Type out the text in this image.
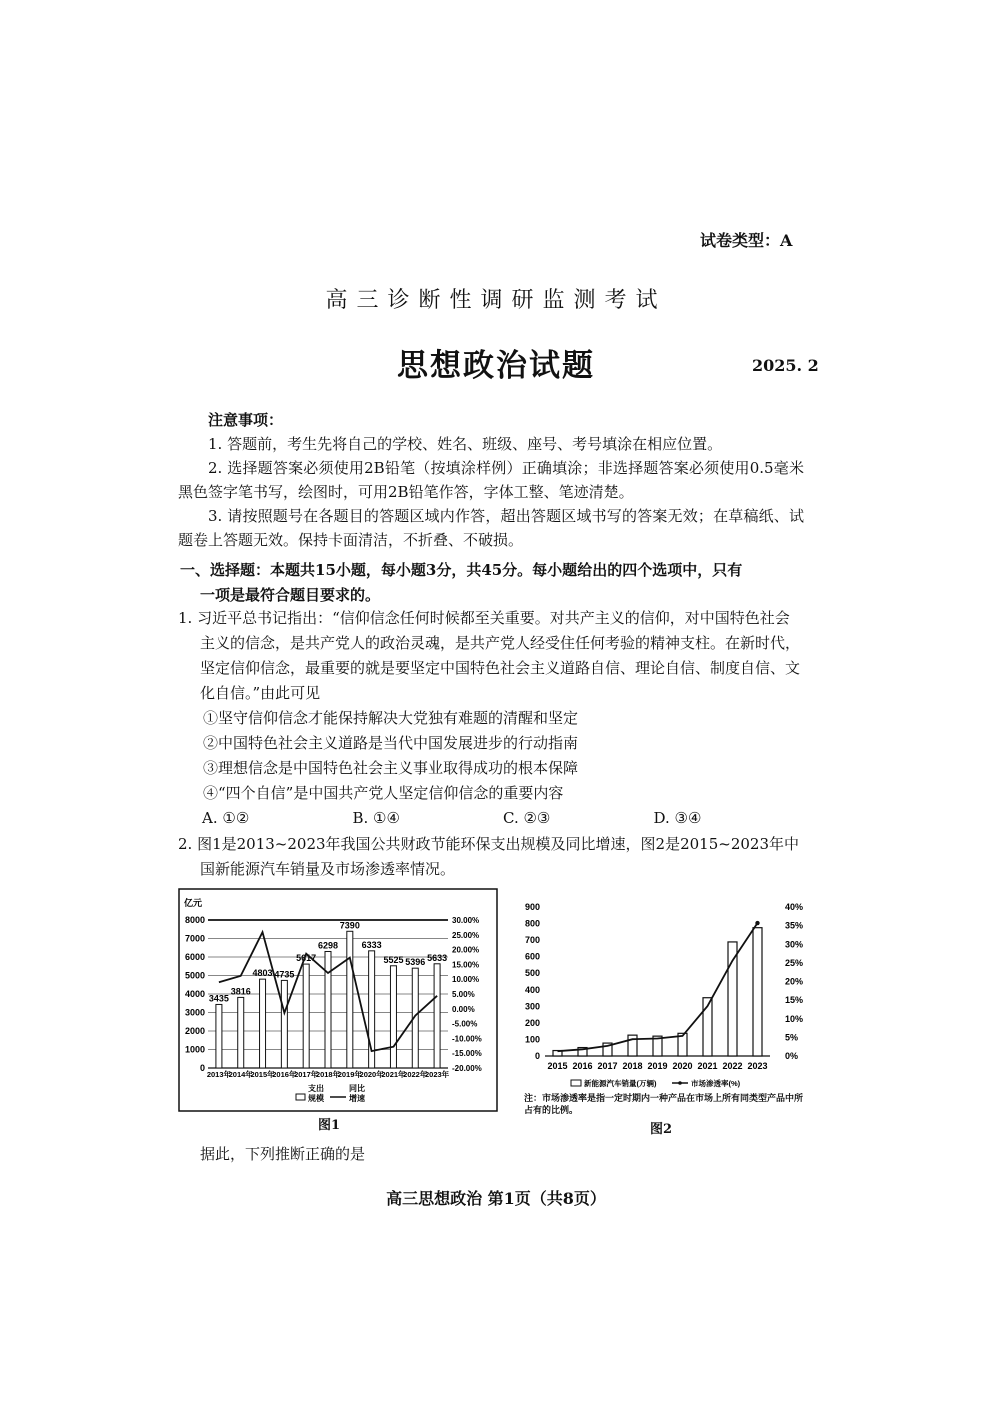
试卷类型：A
高三诊断性调研监测考试
思想政治试题	2025. 2
注意事项：

1. 答题前，考生先将自己的学校、姓名、班级、座号、考号填涂在相应位置。

2. 选择题答案必须使用2B铅笔（按填涂样例）正确填涂；非选择题答案必须使用0.5毫米黑色签字笔书写，绘图时，可用2B铅笔作答，字体工整、笔迹清楚。

3. 请按照题号在各题目的答题区域内作答，超出答题区域书写的答案无效；在草稿纸、试题卷上答题无效。保持卡面清洁，不折叠、不破损。

一、选择题：本题共15小题，每小题3分，共45分。每小题给出的四个选项中，只有
一项是最符合题目要求的。
1. 习近平总书记指出：“信仰信念任何时候都至关重要。对共产主义的信仰，对中国特色社会主义的信念，是共产党人的政治灵魂，是共产党人经受住任何考验的精神支柱。在新时代，坚定信仰信念，最重要的就是要坚定中国特色社会主义道路自信、理论自信、制度自信、文化自信。”由此可见
①坚守信仰信念才能保持解决大党独有难题的清醒和坚定
②中国特色社会主义道路是当代中国发展进步的行动指南
③理想信念是中国特色社会主义事业取得成功的根本保障
④“四个自信”是中国共产党人坚定信仰信念的重要内容
A. ①②	B. ①④	C. ②③	D. ③④
2. 图1是2013~2023年我国公共财政节能环保支出规模及同比增速，图2是2015~2023年中国新能源汽车销量及市场渗透率情况。
亿元
0
1000
2000
3000
4000
5000
6000
7000
8000
-20.00%
-15.00%
-10.00%
-5.00%
0.00%
5.00%
10.00%
15.00%
20.00%
25.00%
30.00%
3435
3816
4803 4735
5617
6298
7390
6333
5525 5396 5633
2013年
2014年
2015年
2016年
2017年
2018年
2019年
2020年
2021年
2022年
2023年
支出
规模
同比
增速
图1
0
100
200
300
400
500
600
700
800
900
0%
5%
10%
15%
20%
25%
30%
35%
40%
2015 2016 2017 2018 2019 2020 2021 2022 2023
新能源汽车销量(万辆)	市场渗透率(%)
注：市场渗透率是指一定时期内一种产品在市场上所有同类型产品中所占有的比例。
图2
据此，下列推断正确的是
高三思想政治 第1页（共8页）
